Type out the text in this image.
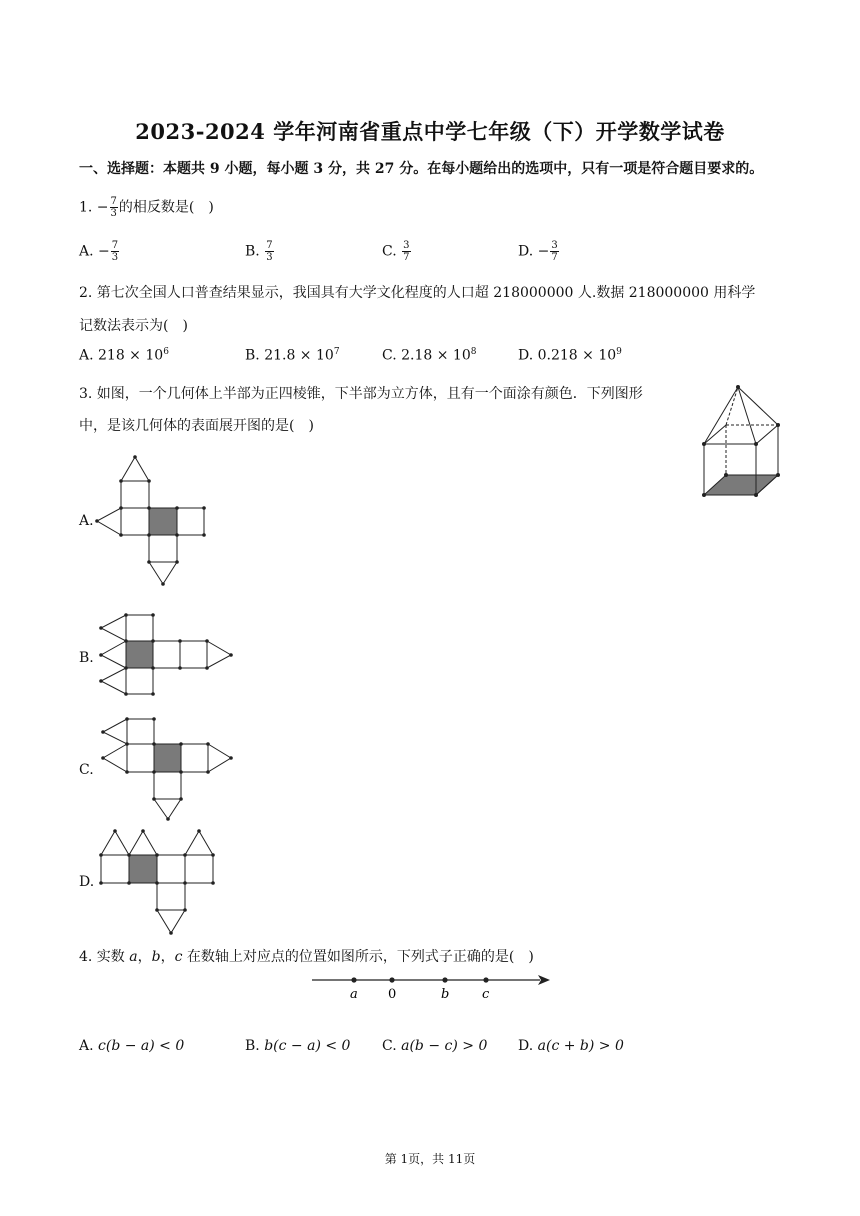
2023-2024 学年河南省重点中学七年级（下）开学数学试卷
一、选择题：本题共 9 小题，每小题 3 分，共 27 分。在每小题给出的选项中，只有一项是符合题目要求的。
1. − $\frac{7}{3}$ 的相反数是(　)
A. − $\frac{7}{3}$	B. $\frac{7}{3}$	C. $\frac{3}{7}$	D. − $\frac{3}{7}$
2. 第七次全国人口普查结果显示，我国具有大学文化程度的人口超 218000000 人.数据 218000000 用科学
记数法表示为(　)
A. $218 \times 10^6$	B. $21.8 \times 10^7$	C. $2.18 \times 10^8$	D. $0.218 \times 10^9$
3. 如图，一个几何体上半部为正四棱锥，下半部为立方体，且有一个面涂有颜色．下列图形
中，是该几何体的表面展开图的是(　)
A.
B.
C.
D.
4. 实数 a，b，c 在数轴上对应点的位置如图所示，下列式子正确的是(　)
a 0	b	c
A. c(b − a) < 0	B. b(c − a) < 0 C. a(b − c) > 0 D. a(c + b) > 0
第 1页，共 11页
